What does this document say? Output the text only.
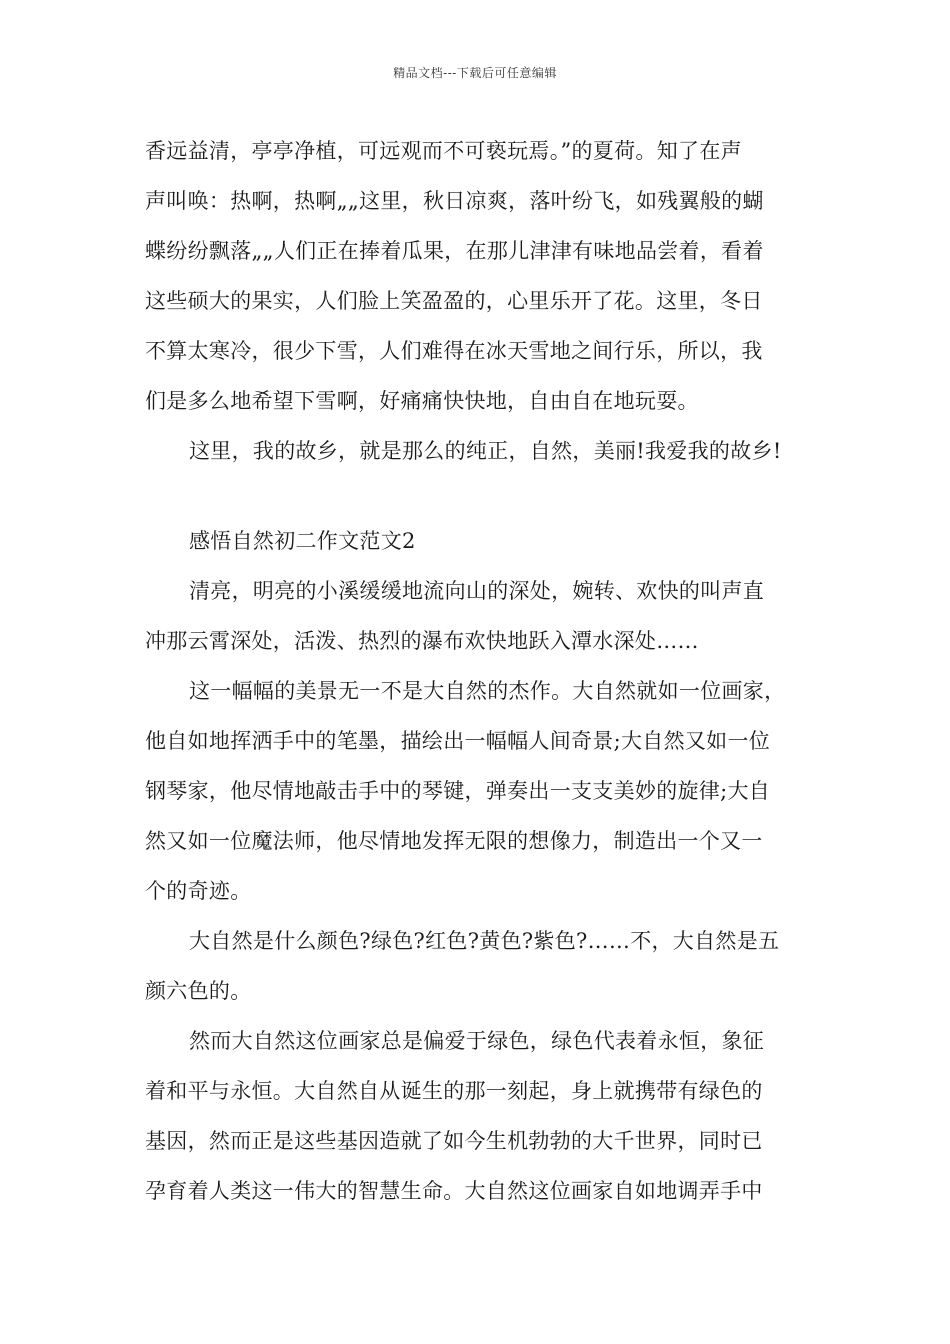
精品文档---下载后可任意编辑
香远益清，亭亭净植，可远观而不可亵玩焉。”的夏荷。知了在声
声叫唤：热啊，热啊„„这里，秋日凉爽，落叶纷飞，如残翼般的蝴
蝶纷纷飘落„„人们正在捧着瓜果，在那儿津津有味地品尝着，看着
这些硕大的果实，人们脸上笑盈盈的，心里乐开了花。这里，冬日
不算太寒冷，很少下雪，人们难得在冰天雪地之间行乐，所以，我
们是多么地希望下雪啊，好痛痛快快地，自由自在地玩耍。
这里，我的故乡，就是那么的纯正，自然，美丽!我爱我的故乡!
感悟自然初二作文范文2
清亮，明亮的小溪缓缓地流向山的深处，婉转、欢快的叫声直
冲那云霄深处，活泼、热烈的瀑布欢快地跃入潭水深处……
这一幅幅的美景无一不是大自然的杰作。大自然就如一位画家，
他自如地挥洒手中的笔墨，描绘出一幅幅人间奇景;大自然又如一位
钢琴家，他尽情地敲击手中的琴键，弹奏出一支支美妙的旋律;大自
然又如一位魔法师，他尽情地发挥无限的想像力，制造出一个又一
个的奇迹。
大自然是什么颜色?绿色?红色?黄色?紫色?……不，大自然是五
颜六色的。
然而大自然这位画家总是偏爱于绿色，绿色代表着永恒，象征
着和平与永恒。大自然自从诞生的那一刻起，身上就携带有绿色的
基因，然而正是这些基因造就了如今生机勃勃的大千世界，同时已
孕育着人类这一伟大的智慧生命。大自然这位画家自如地调弄手中
